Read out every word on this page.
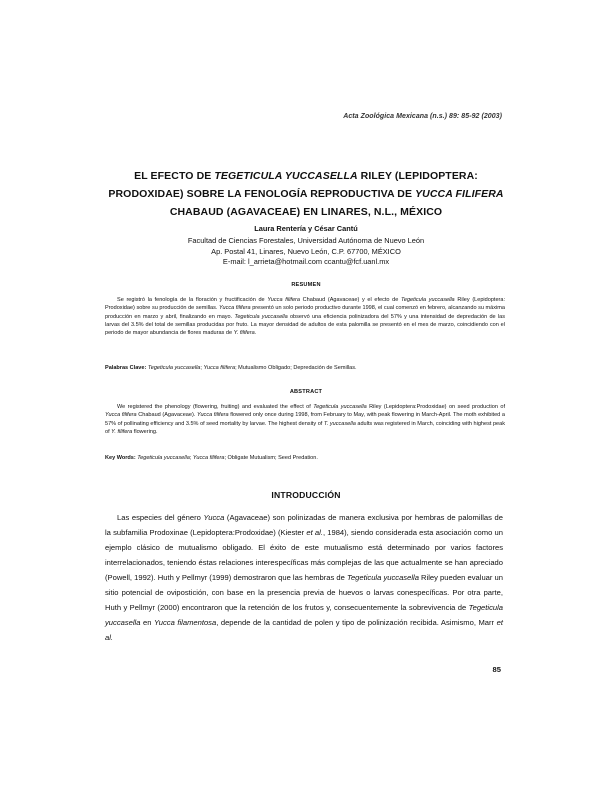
Acta Zoológica Mexicana (n.s.) 89: 85-92 (2003)
EL EFECTO DE TEGETICULA YUCCASELLA RILEY (LEPIDOPTERA: PRODOXIDAE) SOBRE LA FENOLOGÍA REPRODUCTIVA DE YUCCA FILIFERA CHABAUD (AGAVACEAE) EN LINARES, N.L., MÉXICO
Laura Rentería y César Cantú
Facultad de Ciencias Forestales, Universidad Autónoma de Nuevo León
Ap. Postal 41, Linares, Nuevo León, C.P. 67700, MÉXICO
E-mail: l_arrieta@hotmail.com ccantu@fcf.uanl.mx
RESUMEN
Se registró la fenología de la floración y fructificación de Yucca filifera Chabaud (Agavaceae) y el efecto de Tegeticula yuccasella Riley (Lepidoptera: Prodoxidae) sobre su producción de semillas. Yucca filifera presentó un solo periodo productivo durante 1998, el cual comenzó en febrero, alcanzando su máxima producción en marzo y abril, finalizando en mayo. Tegeticula yuccasella observó una eficiencia polinizadora del 57% y una intensidad de depredación de las larvas del 3.5% del total de semillas producidas por fruto. La mayor densidad de adultos de esta palomilla se presentó en el mes de marzo, coincidiendo con el periodo de mayor abundancia de flores maduras de Y. filifera.
Palabras Clave: Tegeticula yuccasella; Yucca filifera; Mutualismo Obligado; Depredación de Semillas.
ABSTRACT
We registered the phenology (flowering, fruiting) and evaluated the effect of Tegeticula yuccasella Riley (Lepidoptera:Prodoxidae) on seed production of Yucca filifera Chabaud (Agavaceae). Yucca filifera flowered only once during 1998, from February to May, with peak flowering in March-April. The moth exhibited a 57% of pollinating efficiency and 3.5% of seed mortality by larvae. The highest density of T. yuccasella adults was registered in March, coinciding with highest peak of Y. filifera flowering.
Key Words: Tegeticula yuccasella; Yucca filifera; Obligate Mutualism; Seed Predation.
INTRODUCCIÓN
Las especies del género Yucca (Agavaceae) son polinizadas de manera exclusiva por hembras de palomillas de la subfamilia Prodoxinae (Lepidoptera:Prodoxidae) (Kiester et al., 1984), siendo considerada esta asociación como un ejemplo clásico de mutualismo obligado. El éxito de este mutualismo está determinado por varios factores interrelacionados, teniendo éstas relaciones interespecíficas más complejas de las que actualmente se han apreciado (Powell, 1992). Huth y Pellmyr (1999) demostraron que las hembras de Tegeticula yuccasella Riley pueden evaluar un sitio potencial de ovipostición, con base en la presencia previa de huevos o larvas conespecíficas. Por otra parte, Huth y Pellmyr (2000) encontraron que la retención de los frutos y, consecuentemente la sobrevivencia de Tegeticula yuccasella en Yucca filamentosa, depende de la cantidad de polen y tipo de polinización recibida. Asimismo, Marr et al.
85
